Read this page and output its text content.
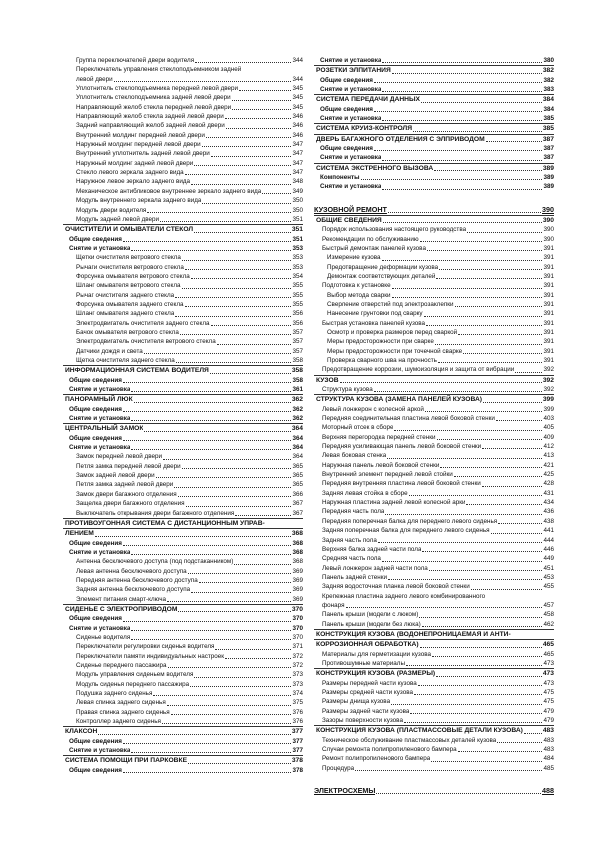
Группа переключателей двери водителя	344
Переключатель управления стеклоподъемником задней
левой двери	344
Уплотнитель стеклоподъемника передней левой двери	345
Уплотнитель стеклоподъемника задней левой двери	345
Направляющий желоб стекла передней левой двери	345
Направляющий желоб стекла задней левой двери	346
Задний направляющий желоб задней левой двери	346
Внутренний молдинг передней левой двери	346
Наружный молдинг передней левой двери	347
Внутренний уплотнитель задней левой двери	347
Наружный молдинг задней левой двери	347
Стекло левого зеркала заднего вида	347
Наружное левое зеркало заднего вида	348
Механическое антибликовое внутреннее зеркало заднего вида	349
Модуль внутреннего зеркала заднего вида	350
Модуль двери водителя	350
Модуль задней левой двери	351
ОЧИСТИТЕЛИ И ОМЫВАТЕЛИ СТЕКОЛ	351
Общие сведения	351
Снятие и установка	353
Щетки очистителя ветрового стекла	353
Рычаги очистителя ветрового стекла	353
Форсунка омывателя ветрового стекла	354
Шланг омывателя ветрового стекла	355
Рычаг очистителя заднего стекла	355
Форсунка омывателя заднего стекла	355
Шланг омывателя заднего стекла	356
Электродвигатель очистителя заднего стекла	356
Бачок омывателя ветрового стекла	357
Электродвигатель очистителя ветрового стекла	357
Датчики дождя и света	357
Щетка очистителя заднего стекла	358
ИНФОРМАЦИОННАЯ СИСТЕМА ВОДИТЕЛЯ	358
Общие сведения	358
Снятие и установка	361
ПАНОРАМНЫЙ ЛЮК	362
Общие сведения	362
Снятие и установка	362
ЦЕНТРАЛЬНЫЙ ЗАМОК	364
Общие сведения	364
Снятие и установка	364
Замок передней левой двери	364
Петля замка передней левой двери	365
Замок задней левой двери	365
Петля замка задней левой двери	365
Замок двери багажного отделения	366
Защелка двери багажного отделения	367
Выключатель открывания двери багажного отделения	367
ПРОТИВОУГОННАЯ СИСТЕМА С ДИСТАНЦИОННЫМ УПРАВ-
ЛЕНИЕМ	368
Общие сведения	368
Снятие и установка	368
Антенна бесключевого доступа (под подстаканником)	368
Левая антенна бесключевого доступа	369
Передняя антенна бесключевого доступа	369
Задняя антенна бесключевого доступа	369
Элемент питания смарт-ключа	369
СИДЕНЬЕ С ЭЛЕКТРОПРИВОДОМ	370
Общие сведения	370
Снятие и установка	370
Сиденье водителя	370
Переключатели регулировки сиденья водителя	371
Переключатели памяти индивидуальных настроек	372
Сиденье переднего пассажира	372
Модуль управления сиденьем водителя	373
Модуль сиденья переднего пассажира	373
Подушка заднего сиденья	374
Левая спинка заднего сиденья	375
Правая спинка заднего сиденья	376
Контроллер заднего сиденья	376
КЛАКСОН	377
Общие сведения	377
Снятие и установка	377
СИСТЕМА ПОМОЩИ ПРИ ПАРКОВКЕ	378
Общие сведения	378
Снятие и установка	380
РОЗЕТКИ ЭЛПИТАНИЯ	382
Общие сведения	382
Снятие и установка	383
СИСТЕМА ПЕРЕДАЧИ ДАННЫХ	384
Общие сведения	384
Снятие и установка	385
СИСТЕМА КРУИЗ-КОНТРОЛЯ	385
ДВЕРЬ БАГАЖНОГО ОТДЕЛЕНИЯ С ЭЛПРИВОДОМ	387
Общие сведения	387
Снятие и установка	387
СИСТЕМА ЭКСТРЕННОГО ВЫЗОВА	389
Компоненты	389
Снятие и установка	389
КУЗОВНОЙ РЕМОНТ	390
ОБЩИЕ СВЕДЕНИЯ	390
Порядок использования настоящего руководства	390
Рекомендации по обслуживанию	390
Быстрый демонтаж панелей кузова	391
Измерение кузова	391
Предотвращение деформации кузова	391
Демонтаж соответствующих деталей	391
Подготовка к установке	391
Выбор метода сварки	391
Сверление отверстий под электрозаклепки	391
Нанесение грунтовки под сварку	391
Быстрая установка панелей кузова	391
Осмотр и проверка размеров перед сваркой	391
Меры предосторожности при сварке	391
Меры предосторожности при точечной сварке	391
Проверка сварного шва на прочность	391
Предотвращение коррозии, шумоизоляция и защита от вибрации	392
КУЗОВ	392
Структура кузова	392
СТРУКТУРА КУЗОВА (ЗАМЕНА ПАНЕЛЕЙ КУЗОВА)	399
Левый лонжерон с колесной аркой	399
Передняя соединительная пластина левой боковой стенки	403
Моторный отсек в сборе	405
Верхняя перегородка передней стенки	409
Передняя усиливающая панель левой боковой стенки	412
Левая боковая стенка	413
Наружная панель левой боковой стенки	421
Внутренний элемент передней левой стойки	425
Передняя внутренняя пластина левой боковой стенки	428
Задняя левая стойка в сборе	431
Наружная пластина задней левой колесной арки	434
Передняя часть пола	436
Передняя поперечная балка для переднего левого сиденья	438
Задняя поперечная балка для переднего левого сиденья	441
Задняя часть пола	444
Верхняя балка задней части пола	446
Средняя часть пола	449
Левый лонжерон задней части пола	451
Панель задней стенки	453
Задняя водосточная планка левой боковой стенки	455
Крепежная пластина заднего левого комбинированного
фонаря	457
Панель крыши (модели с люком)	458
Панель крыши (модели без люка)	462
КОНСТРУКЦИЯ КУЗОВА (ВОДОНЕПРОНИЦАЕМАЯ И АНТИ-
КОРРОЗИОННАЯ ОБРАБОТКА)	465
Материалы для герметизации кузова	465
Противошумные материалы	473
КОНСТРУКЦИЯ КУЗОВА (РАЗМЕРЫ)	473
Размеры передней части кузова	473
Размеры средней части кузова	475
Размеры днища кузова	475
Размеры задней части кузова	479
Зазоры поверхности кузова	479
КОНСТРУКЦИЯ КУЗОВА (ПЛАСТМАССОВЫЕ ДЕТАЛИ КУЗОВА)	483
Техническое обслуживание пластмассовых деталей кузова	483
Случаи ремонта полипропиленового бампера	483
Ремонт полипропиленового бампера	484
Процедура	485
ЭЛЕКТРОСХЕМЫ	488
